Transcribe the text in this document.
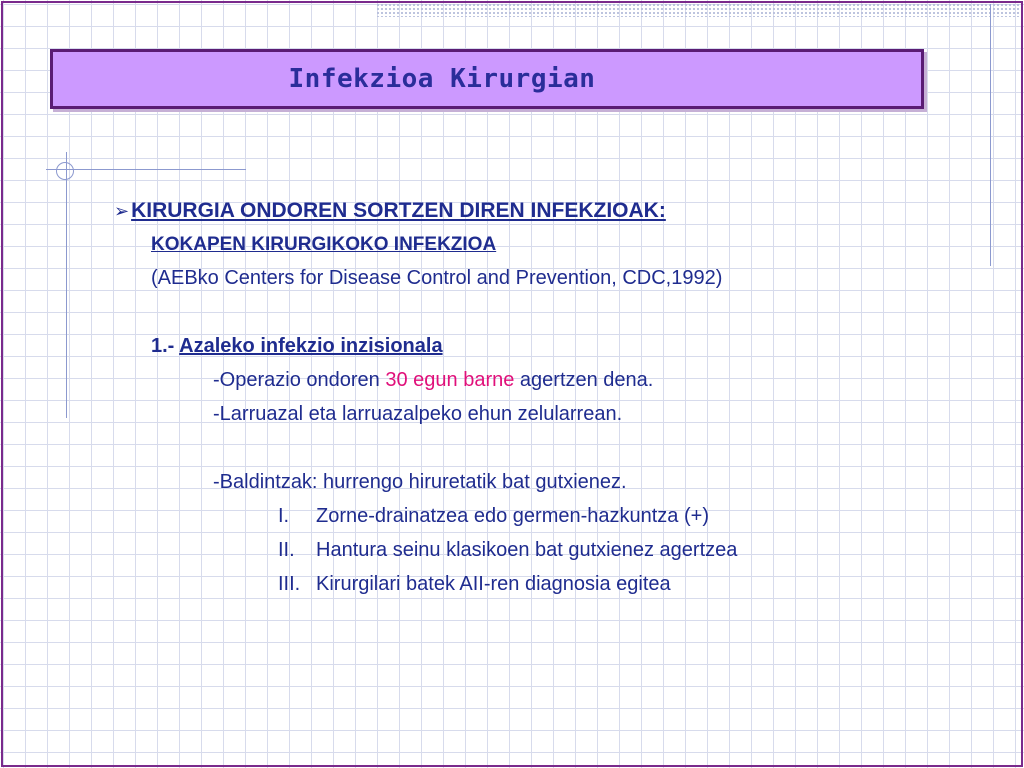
Infekzioa Kirurgian
➢KIRURGIA ONDOREN SORTZEN DIREN INFEKZIOAK:
KOKAPEN KIRURGIKOKO INFEKZIOA
(AEBko Centers for Disease Control and Prevention, CDC,1992)
1.- Azaleko infekzio inzisionala
-Operazio ondoren 30 egun barne agertzen dena.
-Larruazal eta larruazalpeko ehun zelularrean.
-Baldintzak: hurrengo hiruretatik bat gutxienez.
I. Zorne-drainatzea edo germen-hazkuntza (+)
II. Hantura seinu klasikoen bat gutxienez agertzea
III. Kirurgilari batek AII-ren diagnosia egitea
